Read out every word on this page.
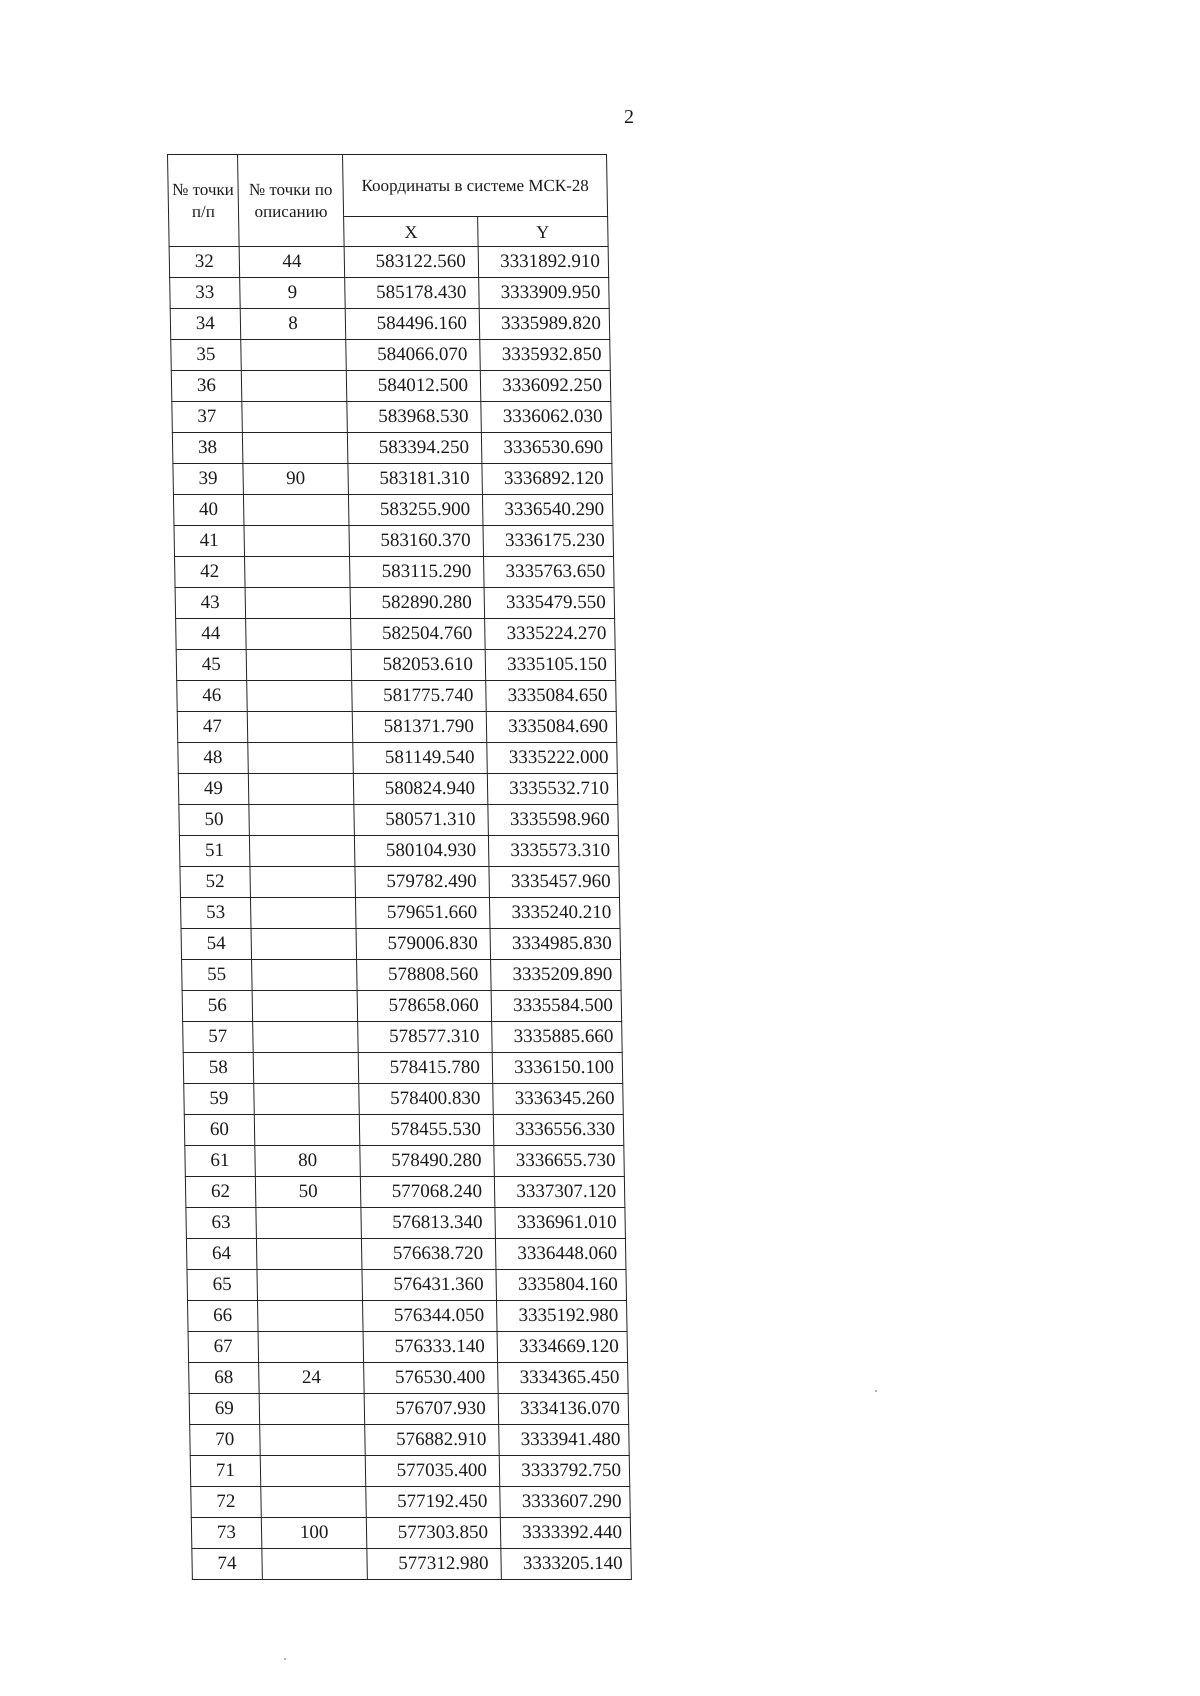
2
№ точки п/п	№ точки по описанию	Координаты в системе МСК-28	
		X	Y
32	44	583122.560	3331892.910
33	9	585178.430	3333909.950
34	8	584496.160	3335989.820
35		584066.070	3335932.850
36		584012.500	3336092.250
37		583968.530	3336062.030
38		583394.250	3336530.690
39	90	583181.310	3336892.120
40		583255.900	3336540.290
41		583160.370	3336175.230
42		583115.290	3335763.650
43		582890.280	3335479.550
44		582504.760	3335224.270
45		582053.610	3335105.150
46		581775.740	3335084.650
47		581371.790	3335084.690
48		581149.540	3335222.000
49		580824.940	3335532.710
50		580571.310	3335598.960
51		580104.930	3335573.310
52		579782.490	3335457.960
53		579651.660	3335240.210
54		579006.830	3334985.830
55		578808.560	3335209.890
56		578658.060	3335584.500
57		578577.310	3335885.660
58		578415.780	3336150.100
59		578400.830	3336345.260
60		578455.530	3336556.330
61	80	578490.280	3336655.730
62	50	577068.240	3337307.120
63		576813.340	3336961.010
64		576638.720	3336448.060
65		576431.360	3335804.160
66		576344.050	3335192.980
67		576333.140	3334669.120
68	24	576530.400	3334365.450
69		576707.930	3334136.070
70		576882.910	3333941.480
71		577035.400	3333792.750
72		577192.450	3333607.290
73	100	577303.850	3333392.440
74		577312.980	3333205.140
